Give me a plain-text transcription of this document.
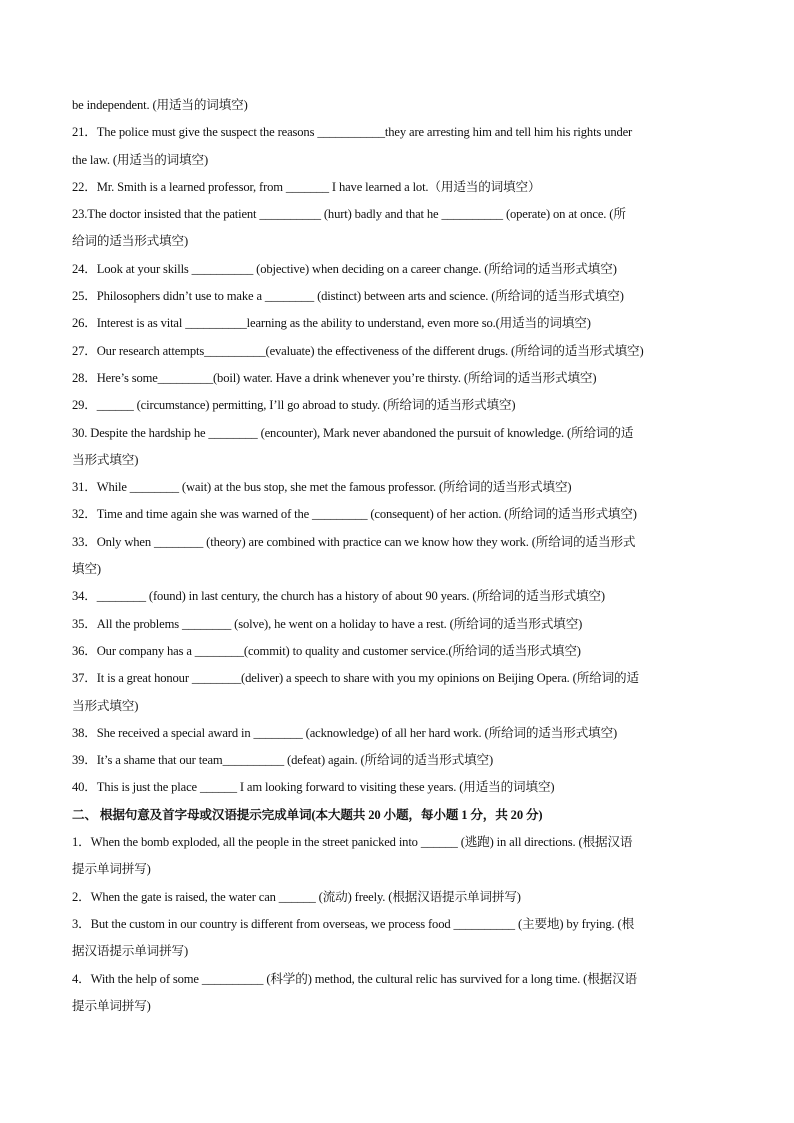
be independent. (用适当的词填空)
21．The police must give the suspect the reasons ___________they are arresting him and tell him his rights under
the law. (用适当的词填空)
22．Mr. Smith is a learned professor, from _______ I have learned a lot.（用适当的词填空）
23.The doctor insisted that the patient __________ (hurt) badly and that he __________ (operate) on at once. (所
给词的适当形式填空)
24．Look at your skills __________ (objective) when deciding on a career change. (所给词的适当形式填空)
25．Philosophers didn’t use to make a ________ (distinct) between arts and science. (所给词的适当形式填空)
26．Interest is as vital __________learning as the ability to understand, even more so.(用适当的词填空)
27．Our research attempts__________(evaluate) the effectiveness of the different drugs. (所给词的适当形式填空)
28．Here’s some_________(boil) water. Have a drink whenever you’re thirsty. (所给词的适当形式填空)
29．______ (circumstance) permitting, I’ll go abroad to study. (所给词的适当形式填空)
30. Despite the hardship he ________ (encounter), Mark never abandoned the pursuit of knowledge. (所给词的适
当形式填空)
31．While ________ (wait) at the bus stop, she met the famous professor. (所给词的适当形式填空)
32．Time and time again she was warned of the _________ (consequent) of her action. (所给词的适当形式填空)
33．Only when ________ (theory) are combined with practice can we know how they work. (所给词的适当形式
填空)
34．________ (found) in last century, the church has a history of about 90 years. (所给词的适当形式填空)
35．All the problems ________ (solve), he went on a holiday to have a rest. (所给词的适当形式填空)
36．Our company has a ________(commit) to quality and customer service.(所给词的适当形式填空)
37．It is a great honour ________(deliver) a speech to share with you my opinions on Beijing Opera. (所给词的适
当形式填空)
38．She received a special award in ________ (acknowledge) of all her hard work. (所给词的适当形式填空)
39．It’s a shame that our team__________ (defeat) again. (所给词的适当形式填空)
40．This is just the place ______ I am looking forward to visiting these years. (用适当的词填空)
二、 根据句意及首字母或汉语提示完成单词(本大题共 20 小题，每小题 1 分，共 20 分)
1．When the bomb exploded, all the people in the street panicked into ______ (逃跑) in all directions. (根据汉语
提示单词拼写)
2．When the gate is raised, the water can ______ (流动) freely. (根据汉语提示单词拼写)
3．But the custom in our country is different from overseas, we process food __________ (主要地) by frying. (根
据汉语提示单词拼写)
4．With the help of some __________ (科学的) method, the cultural relic has survived for a long time. (根据汉语
提示单词拼写)
